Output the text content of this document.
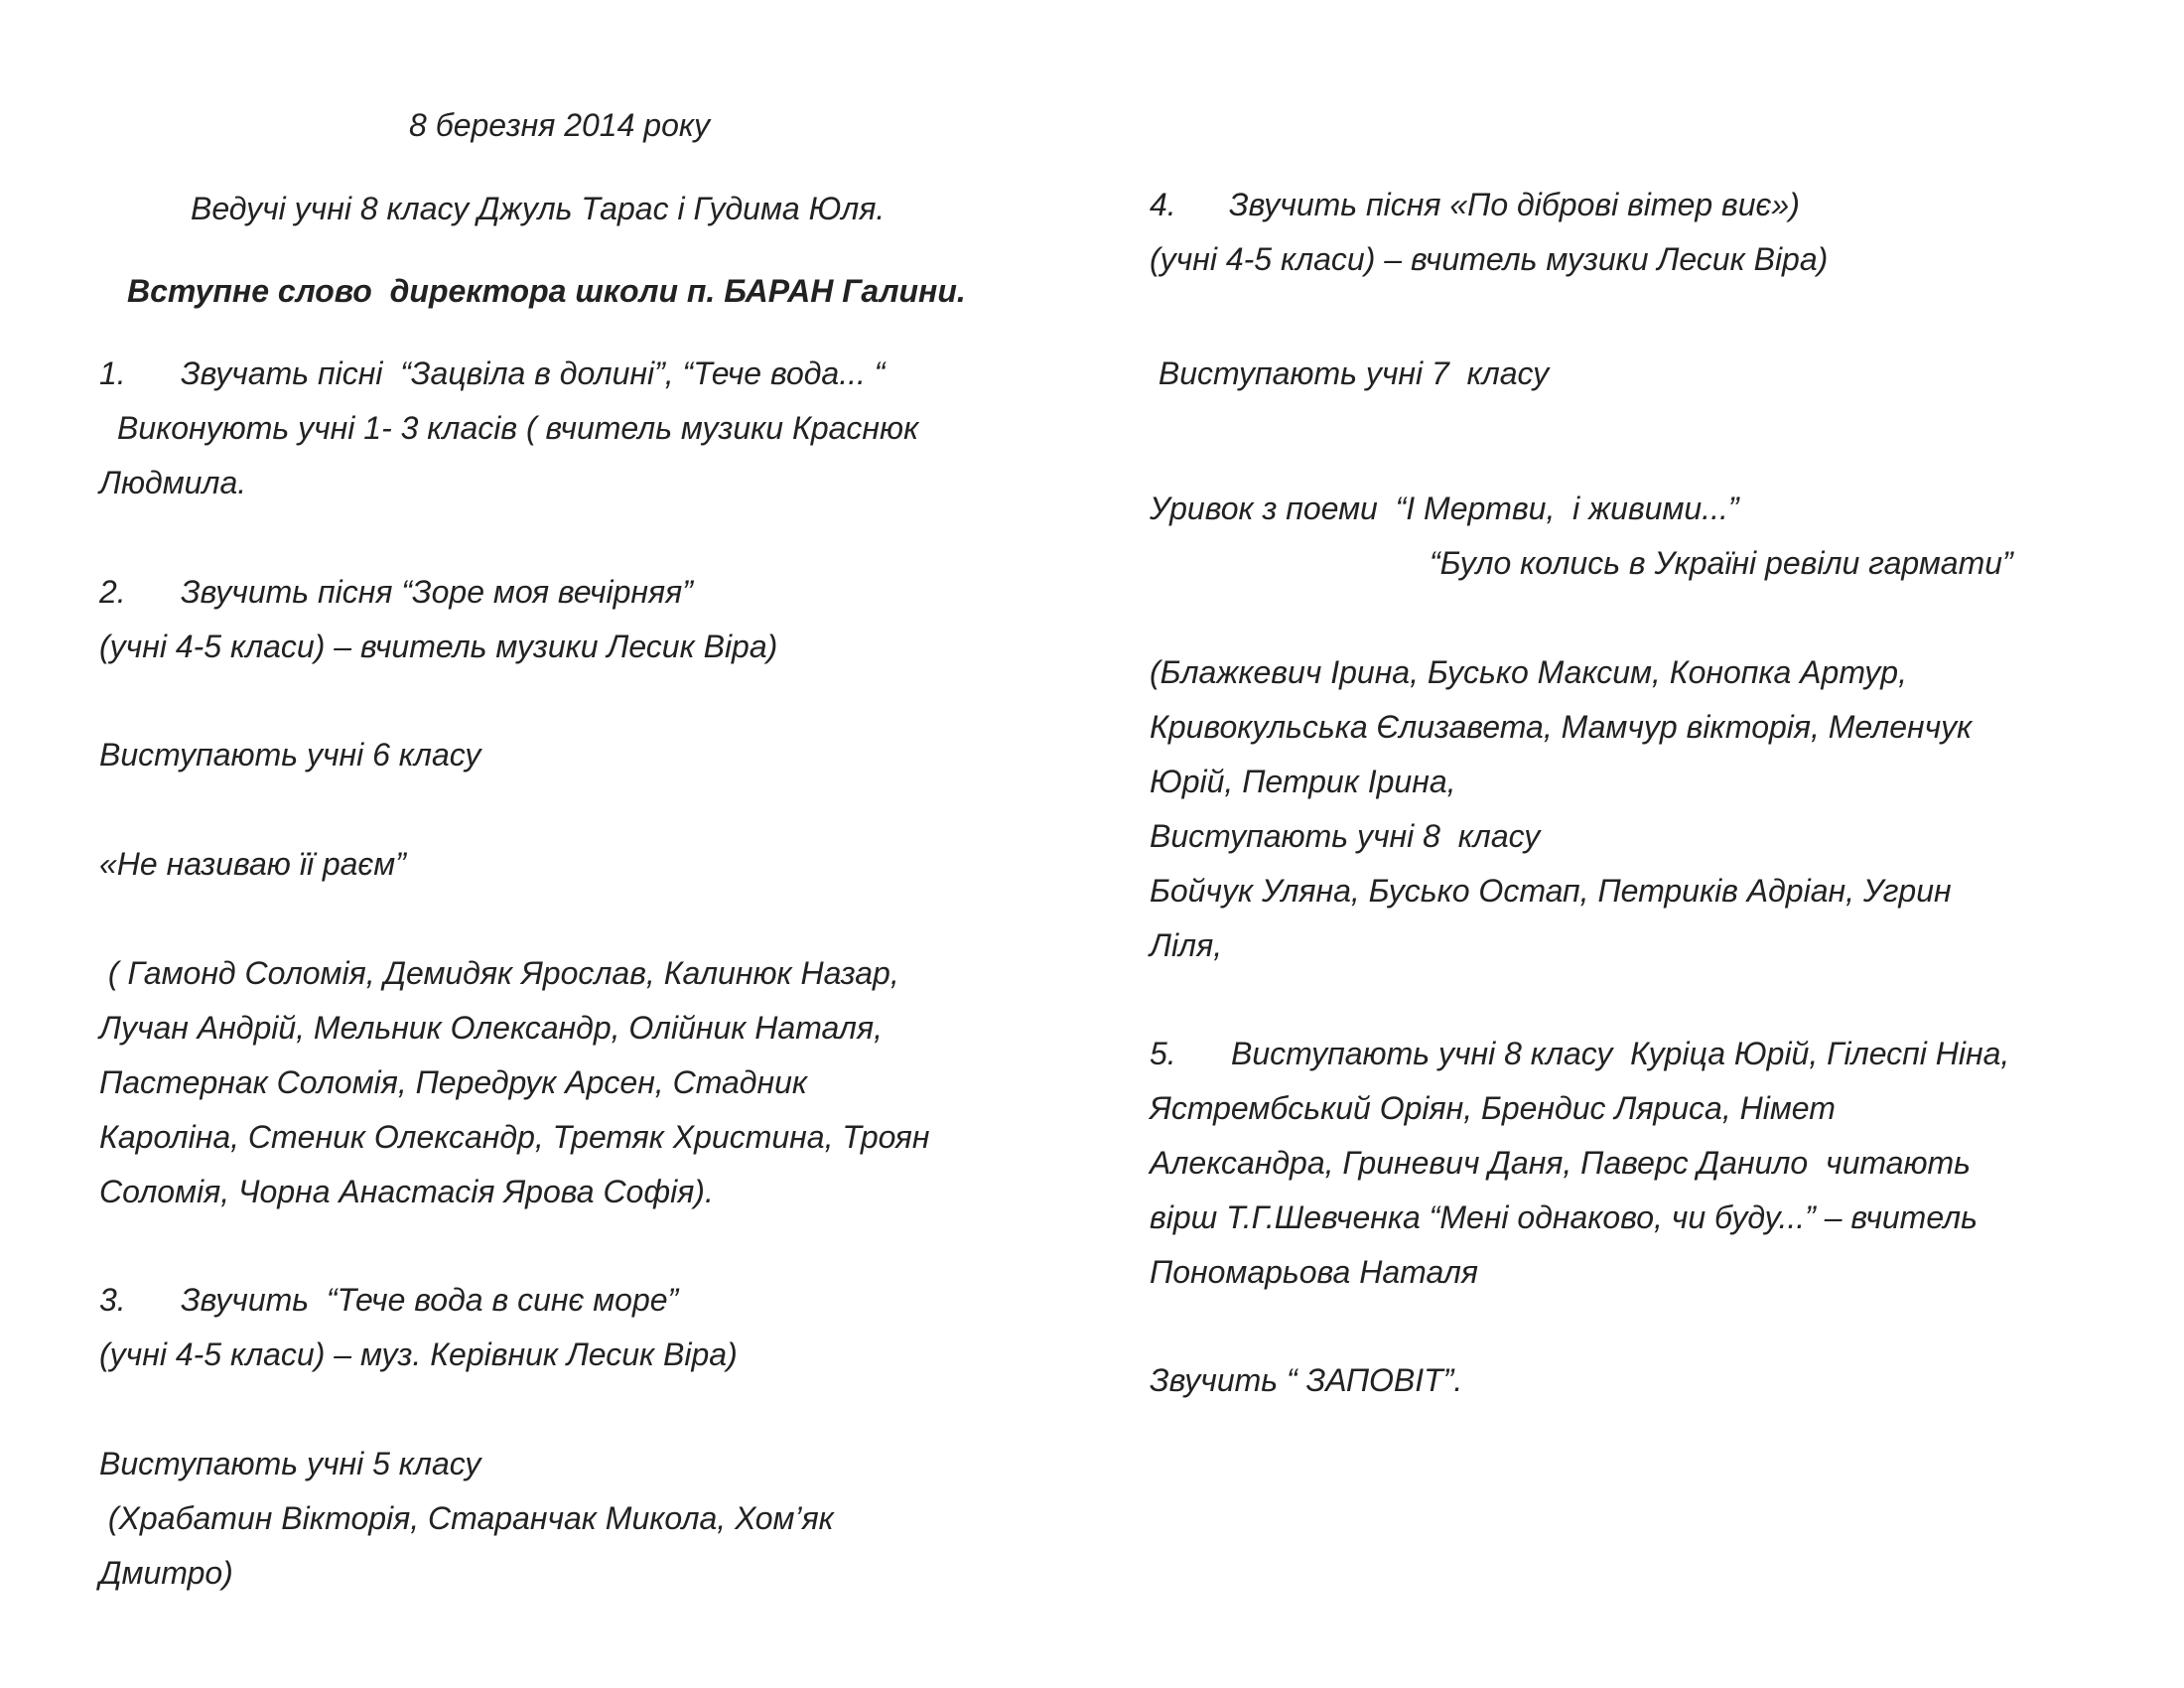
8 березня 2014 року
Ведучі учні 8 класу Джуль Тарас і Гудима Юля.
Вступне слово  директора школи п. БАРАН Галини.
1. Звучать пісні  “Зацвіла в долині”, “Тече вода... “
Виконують учні 1- 3 класів ( вчитель музики Краснюк
Людмила.
2. Звучить пісня “Зоре моя вечірняя”
(учні 4-5 класи) – вчитель музики Лесик Віра)
Виступають учні 6 класу
«Не називаю її раєм”
( Гамонд Соломія, Демидяк Ярослав, Калинюк Назар,
Лучан Андрій, Мельник Олександр, Олійник Наталя,
Пастернак Соломія, Передрук Арсен, Стадник
Кароліна, Стеник Олександр, Третяк Христина, Троян
Соломія, Чорна Анастасія Ярова Софія).
3. Звучить  “Тече вода в синє море”
(учні 4-5 класи) – муз. Керівник Лесик Віра)
Виступають учні 5 класу
(Храбатин Вікторія, Старанчак Микола, Хом’як
Дмитро)
4. Звучить пісня «По діброві вітер виє»)
(учні 4-5 класи) – вчитель музики Лесик Віра)
Виступають учні 7  класу
Уривок з поеми  “І Мертви,  і живими...”
“Було колись в Україні ревіли гармати”
(Блажкевич Ірина, Бусько Максим, Конопка Артур,
Кривокульська Єлизавета, Мамчур вікторія, Меленчук
Юрій, Петрик Ірина,
Виступають учні 8  класу
Бойчук Уляна, Бусько Остап, Петриків Адріан, Угрин
Ліля,
5. Виступають учні 8 класу  Куріца Юрій, Гілеспі Ніна,
Ястрембський Оріян, Брендис Ляриса, Німет
Александра, Гриневич Даня, Паверс Данило  читають
вірш Т.Г.Шевченка “Мені однаково, чи буду...” – вчитель
Пономарьова Наталя
Звучить “ ЗАПОВІТ”.
